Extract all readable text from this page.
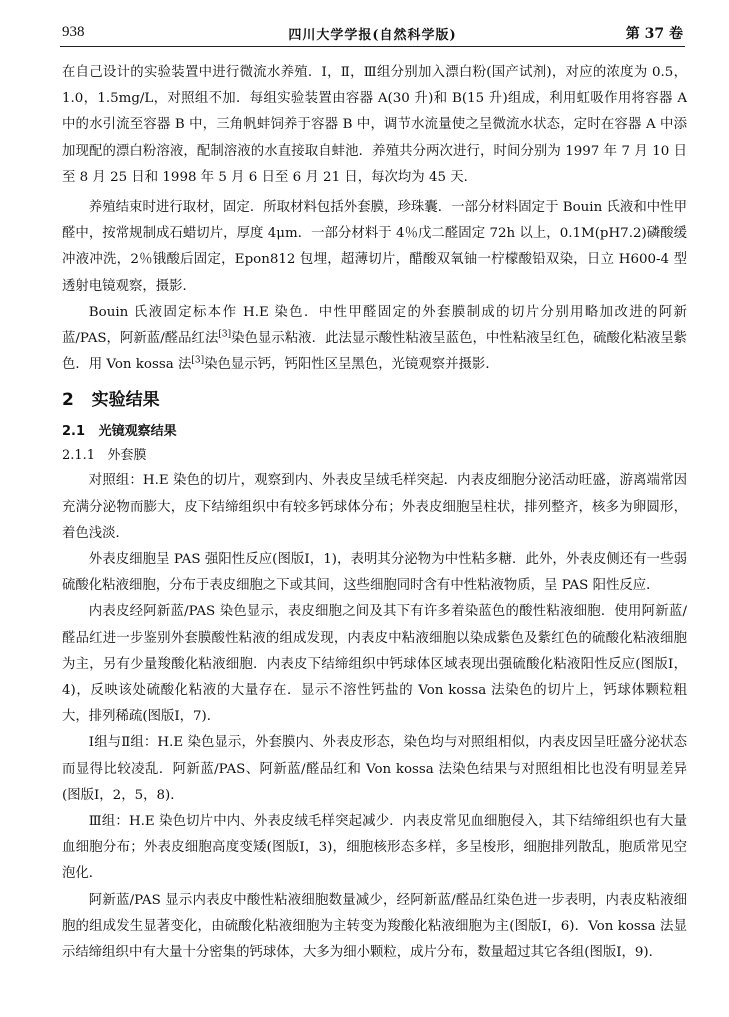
938	四川大学学报(自然科学版)	第 37 卷

在自己设计的实验装置中进行微流水养殖．Ⅰ，Ⅱ，Ⅲ组分别加入漂白粉(国产试剂)，对应的浓度为 0.5，1.0，1.5mg/L，对照组不加．每组实验装置由容器 A(30 升)和 B(15 升)组成，利用虹吸作用将容器 A 中的水引流至容器 B 中，三角帆蚌饲养于容器 B 中，调节水流量使之呈微流水状态，定时在容器 A 中添加现配的漂白粉溶液，配制溶液的水直接取自蚌池．养殖共分两次进行，时间分别为 1997 年 7 月 10 日至 8 月 25 日和 1998 年 5 月 6 日至 6 月 21 日，每次均为 45 天．

养殖结束时进行取材，固定．所取材料包括外套膜，珍珠囊．一部分材料固定于 Bouin 氏液和中性甲醛中，按常规制成石蜡切片，厚度 4μm．一部分材料于 4％戊二醛固定 72h 以上，0.1M(pH7.2)磷酸缓冲液冲洗，2％锇酸后固定，Epon812 包埋，超薄切片，醋酸双氧铀一柠檬酸铅双染，日立 H600-4 型透射电镜观察，摄影．

Bouin 氏液固定标本作 H.E 染色．中性甲醛固定的外套膜制成的切片分别用略加改进的阿新蓝/PAS，阿新蓝/醛品红法[3]染色显示粘液．此法显示酸性粘液呈蓝色，中性粘液呈红色，硫酸化粘液呈紫色．用 Von kossa 法[3]染色显示钙，钙阳性区呈黑色，光镜观察并摄影．

2 实验结果
2.1 光镜观察结果
2.1.1 外套膜

对照组：H.E 染色的切片，观察到内、外表皮呈绒毛样突起．内表皮细胞分泌活动旺盛，游离端常因充满分泌物而膨大，皮下结缔组织中有较多钙球体分布；外表皮细胞呈柱状，排列整齐，核多为卵圆形，着色浅淡．

外表皮细胞呈 PAS 强阳性反应(图版Ⅰ，1)，表明其分泌物为中性粘多糖．此外，外表皮侧还有一些弱硫酸化粘液细胞，分布于表皮细胞之下或其间，这些细胞同时含有中性粘液物质，呈 PAS 阳性反应．

内表皮经阿新蓝/PAS 染色显示，表皮细胞之间及其下有许多着染蓝色的酸性粘液细胞．使用阿新蓝/醛品红进一步鉴别外套膜酸性粘液的组成发现，内表皮中粘液细胞以染成紫色及紫红色的硫酸化粘液细胞为主，另有少量羧酸化粘液细胞．内表皮下结缔组织中钙球体区域表现出强硫酸化粘液阳性反应(图版Ⅰ，4)，反映该处硫酸化粘液的大量存在．显示不溶性钙盐的 Von kossa 法染色的切片上，钙球体颗粒粗大，排列稀疏(图版Ⅰ，7)．

Ⅰ组与Ⅱ组：H.E 染色显示，外套膜内、外表皮形态，染色均与对照组相似，内表皮因呈旺盛分泌状态而显得比较凌乱．阿新蓝/PAS、阿新蓝/醛品红和 Von kossa 法染色结果与对照组相比也没有明显差异(图版Ⅰ，2，5，8)．

Ⅲ组：H.E 染色切片中内、外表皮绒毛样突起减少．内表皮常见血细胞侵入，其下结缔组织也有大量血细胞分布；外表皮细胞高度变矮(图版Ⅰ，3)，细胞核形态多样，多呈梭形，细胞排列散乱，胞质常见空泡化．

阿新蓝/PAS 显示内表皮中酸性粘液细胞数量减少，经阿新蓝/醛品红染色进一步表明，内表皮粘液细胞的组成发生显著变化，由硫酸化粘液细胞为主转变为羧酸化粘液细胞为主(图版Ⅰ，6)．Von kossa 法显示结缔组织中有大量十分密集的钙球体，大多为细小颗粒，成片分布，数量超过其它各组(图版Ⅰ，9)．
